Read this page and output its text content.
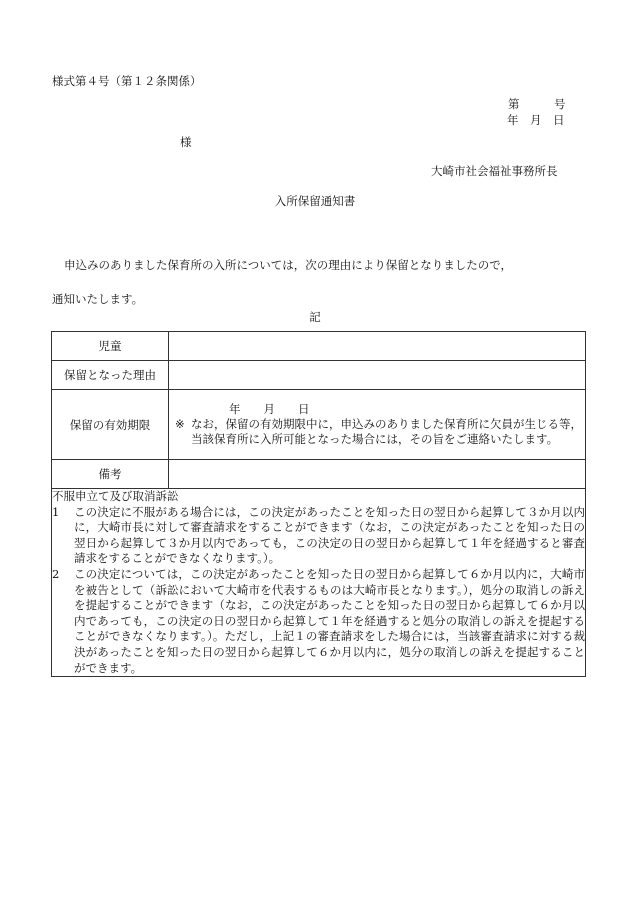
様式第４号（第１２条関係）
第　　　号
年　月　日
様
大崎市社会福祉事務所長
入所保留通知書
申込みのありました保育所の入所については，次の理由により保留となりましたので，
通知いたします。
記
児童	
保留となった理由	
保留の有効期限	年　　月　　日
※ なお，保留の有効期限中に，申込みのありました保育所に欠員が生じる等，当該保育所に入所可能となった場合には，その旨をご連絡いたします。

備考	

不服申立て及び取消訴訟
1 この決定に不服がある場合には，この決定があったことを知った日の翌日から起算して３か月以内に，大崎市長に対して審査請求をすることができます（なお，この決定があったことを知った日の翌日から起算して３か月以内であっても，この決定の日の翌日から起算して１年を経過すると審査請求をすることができなくなります。）。
2 この決定については，この決定があったことを知った日の翌日から起算して６か月以内に，大崎市を被告として（訴訟において大崎市を代表するものは大崎市長となります。），処分の取消しの訴えを提起することができます（なお，この決定があったことを知った日の翌日から起算して６か月以内であっても，この決定の日の翌日から起算して１年を経過すると処分の取消しの訴えを提起することができなくなります。）。ただし，上記１の審査請求をした場合には，当該審査請求に対する裁決があったことを知った日の翌日から起算して６か月以内に，処分の取消しの訴えを提起することができます。	
